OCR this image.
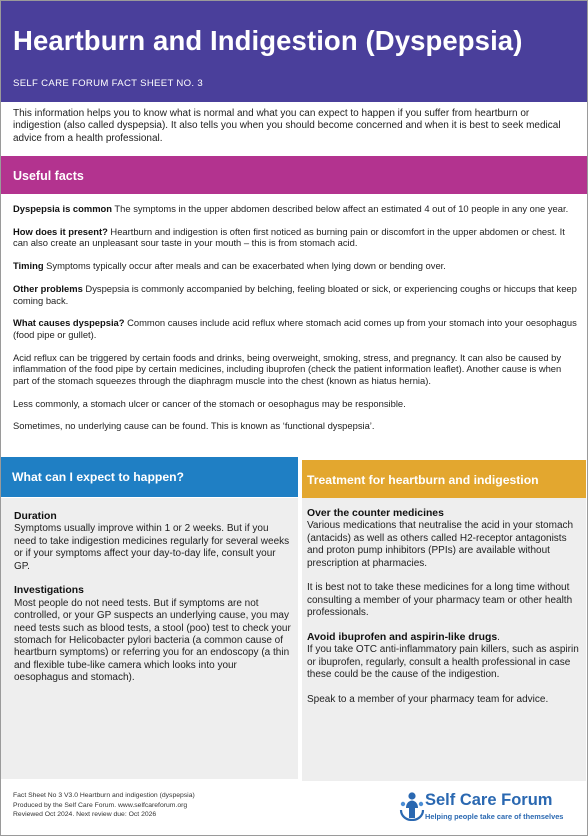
Heartburn and Indigestion (Dyspepsia)
SELF CARE FORUM FACT SHEET NO. 3
This information helps you to know what is normal and what you can expect to happen if you suffer from heartburn or indigestion (also called dyspepsia). It also tells you when you should become concerned and when it is best to seek medical advice from a health professional.
Useful facts

Dyspepsia is common The symptoms in the upper abdomen described below affect an estimated 4 out of 10 people in any one year.

How does it present? Heartburn and indigestion is often first noticed as burning pain or discomfort in the upper abdomen or chest. It can also create an unpleasant sour taste in your mouth – this is from stomach acid.

Timing Symptoms typically occur after meals and can be exacerbated when lying down or bending over.

Other problems Dyspepsia is commonly accompanied by belching, feeling bloated or sick, or experiencing coughs or hiccups that keep coming back.

What causes dyspepsia? Common causes include acid reflux where stomach acid comes up from your stomach into your oesophagus (food pipe or gullet).

Acid reflux can be triggered by certain foods and drinks, being overweight, smoking, stress, and pregnancy. It can also be caused by inflammation of the food pipe by certain medicines, including ibuprofen (check the patient information leaflet). Another cause is when part of the stomach squeezes through the diaphragm muscle into the chest (known as hiatus hernia).

Less commonly, a stomach ulcer or cancer of the stomach or oesophagus may be responsible.

Sometimes, no underlying cause can be found. This is known as ‘functional dyspepsia’.

What can I expect to happen?	Treatment for heartburn and indigestion
Duration
Symptoms usually improve within 1 or 2 weeks. But if you need to take indigestion medicines regularly for several weeks or if your symptoms affect your day-to-day life, consult your GP.
Investigations
Most people do not need tests. But if symptoms are not controlled, or your GP suspects an underlying cause, you may need tests such as blood tests, a stool (poo) test to check your stomach for Helicobacter pylori bacteria (a common cause of heartburn symptoms) or referring you for an endoscopy (a thin and flexible tube-like camera which looks into your oesophagus and stomach).
Over the counter medicines
Various medications that neutralise the acid in your stomach (antacids) as well as others called H2-receptor antagonists and proton pump inhibitors (PPIs) are available without prescription at pharmacies.
It is best not to take these medicines for a long time without consulting a member of your pharmacy team or other health professionals.
Avoid ibuprofen and aspirin-like drugs.
If you take OTC anti-inflammatory pain killers, such as aspirin or ibuprofen, regularly, consult a health professional in case these could be the cause of the indigestion.
Speak to a member of your pharmacy team for advice.
Fact Sheet No 3 V3.0 Heartburn and indigestion (dyspepsia)
Produced by the Self Care Forum. www.selfcareforum.org
Reviewed Oct 2024. Next review due: Oct 2026
Self Care Forum
Helping people take care of themselves
